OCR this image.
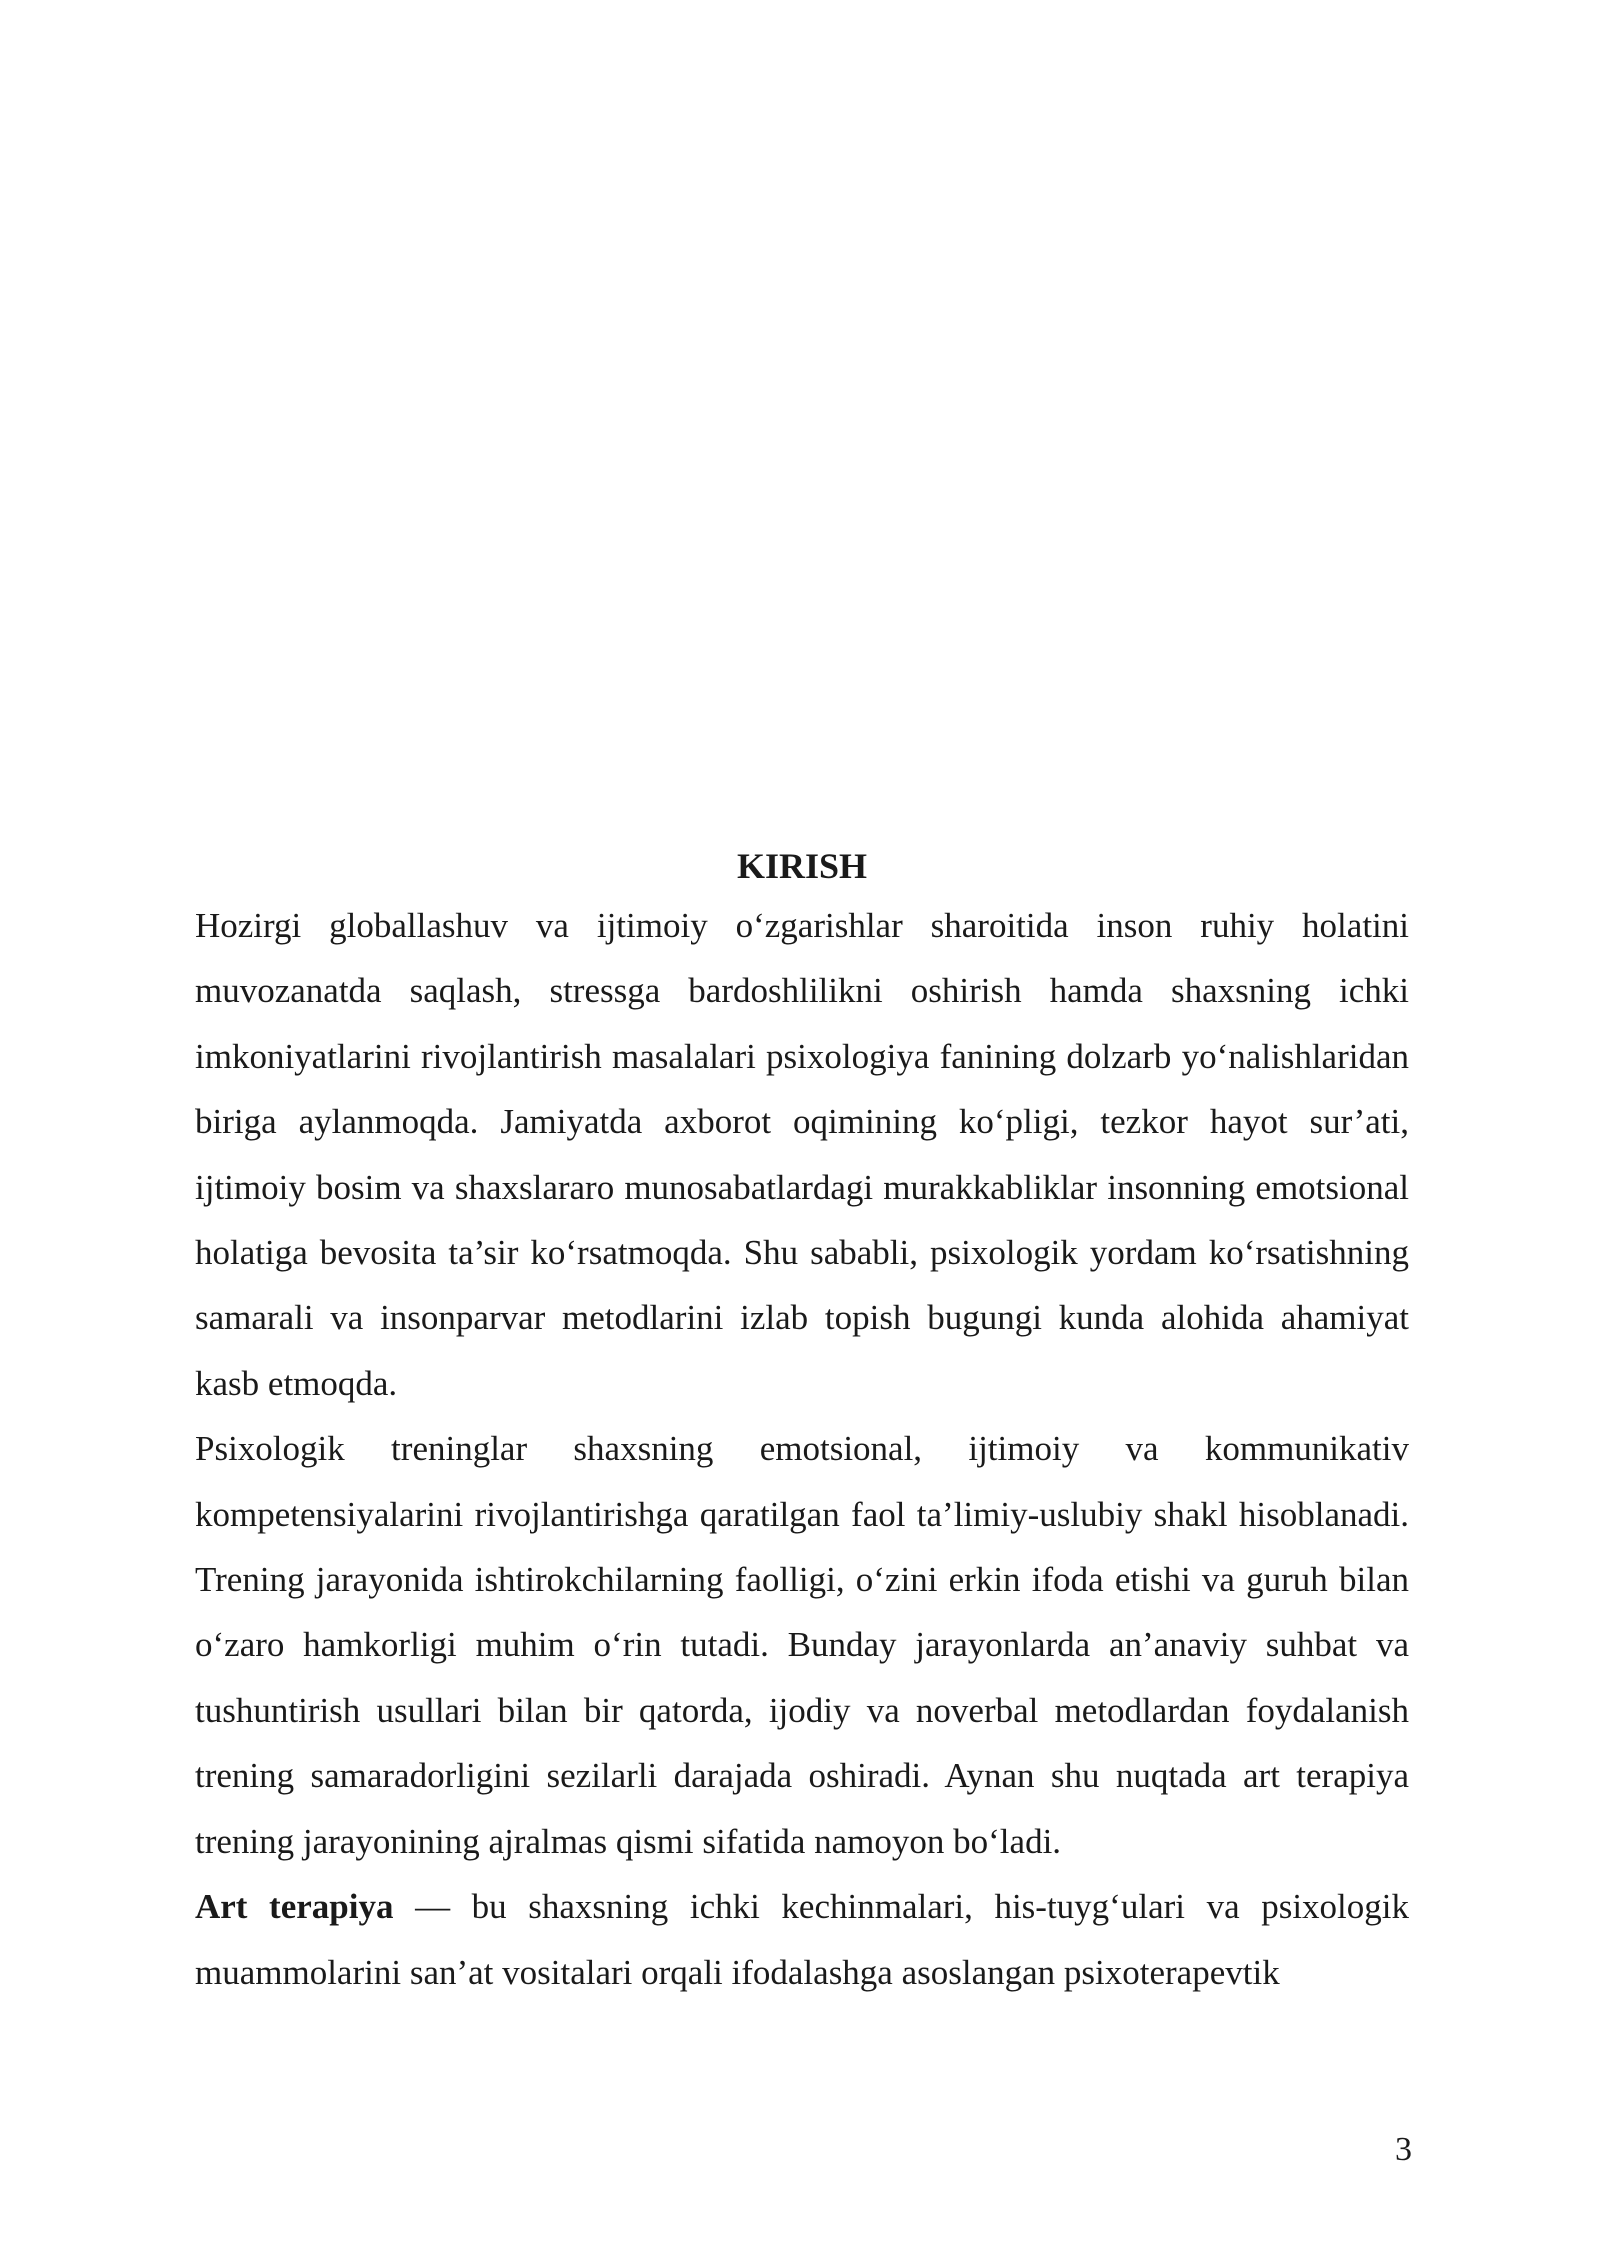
KIRISH

Hozirgi globallashuv va ijtimoiy o‘zgarishlar sharoitida inson ruhiy holatini muvozanatda saqlash, stressga bardoshlilikni oshirish hamda shaxsning ichki imkoniyatlarini rivojlantirish masalalari psixologiya fanining dolzarb yo‘nalishlaridan biriga aylanmoqda. Jamiyatda axborot oqimining ko‘pligi, tezkor hayot sur’ati, ijtimoiy bosim va shaxslararo munosabatlardagi murakkabliklar insonning emotsional holatiga bevosita ta’sir ko‘rsatmoqda. Shu sababli, psixologik yordam ko‘rsatishning samarali va insonparvar metodlarini izlab topish bugungi kunda alohida ahamiyat kasb etmoqda.

Psixologik treninglar shaxsning emotsional, ijtimoiy va kommunikativ kompetensiyalarini rivojlantirishga qaratilgan faol ta’limiy-uslubiy shakl hisoblanadi. Trening jarayonida ishtirokchilarning faolligi, o‘zini erkin ifoda etishi va guruh bilan o‘zaro hamkorligi muhim o‘rin tutadi. Bunday jarayonlarda an’anaviy suhbat va tushuntirish usullari bilan bir qatorda, ijodiy va noverbal metodlardan foydalanish trening samaradorligini sezilarli darajada oshiradi. Aynan shu nuqtada art terapiya trening jarayonining ajralmas qismi sifatida namoyon bo‘ladi.

Art terapiya — bu shaxsning ichki kechinmalari, his-tuyg‘ulari va psixologik muammolarini san’at vositalari orqali ifodalashga asoslangan psixoterapevtik

3
